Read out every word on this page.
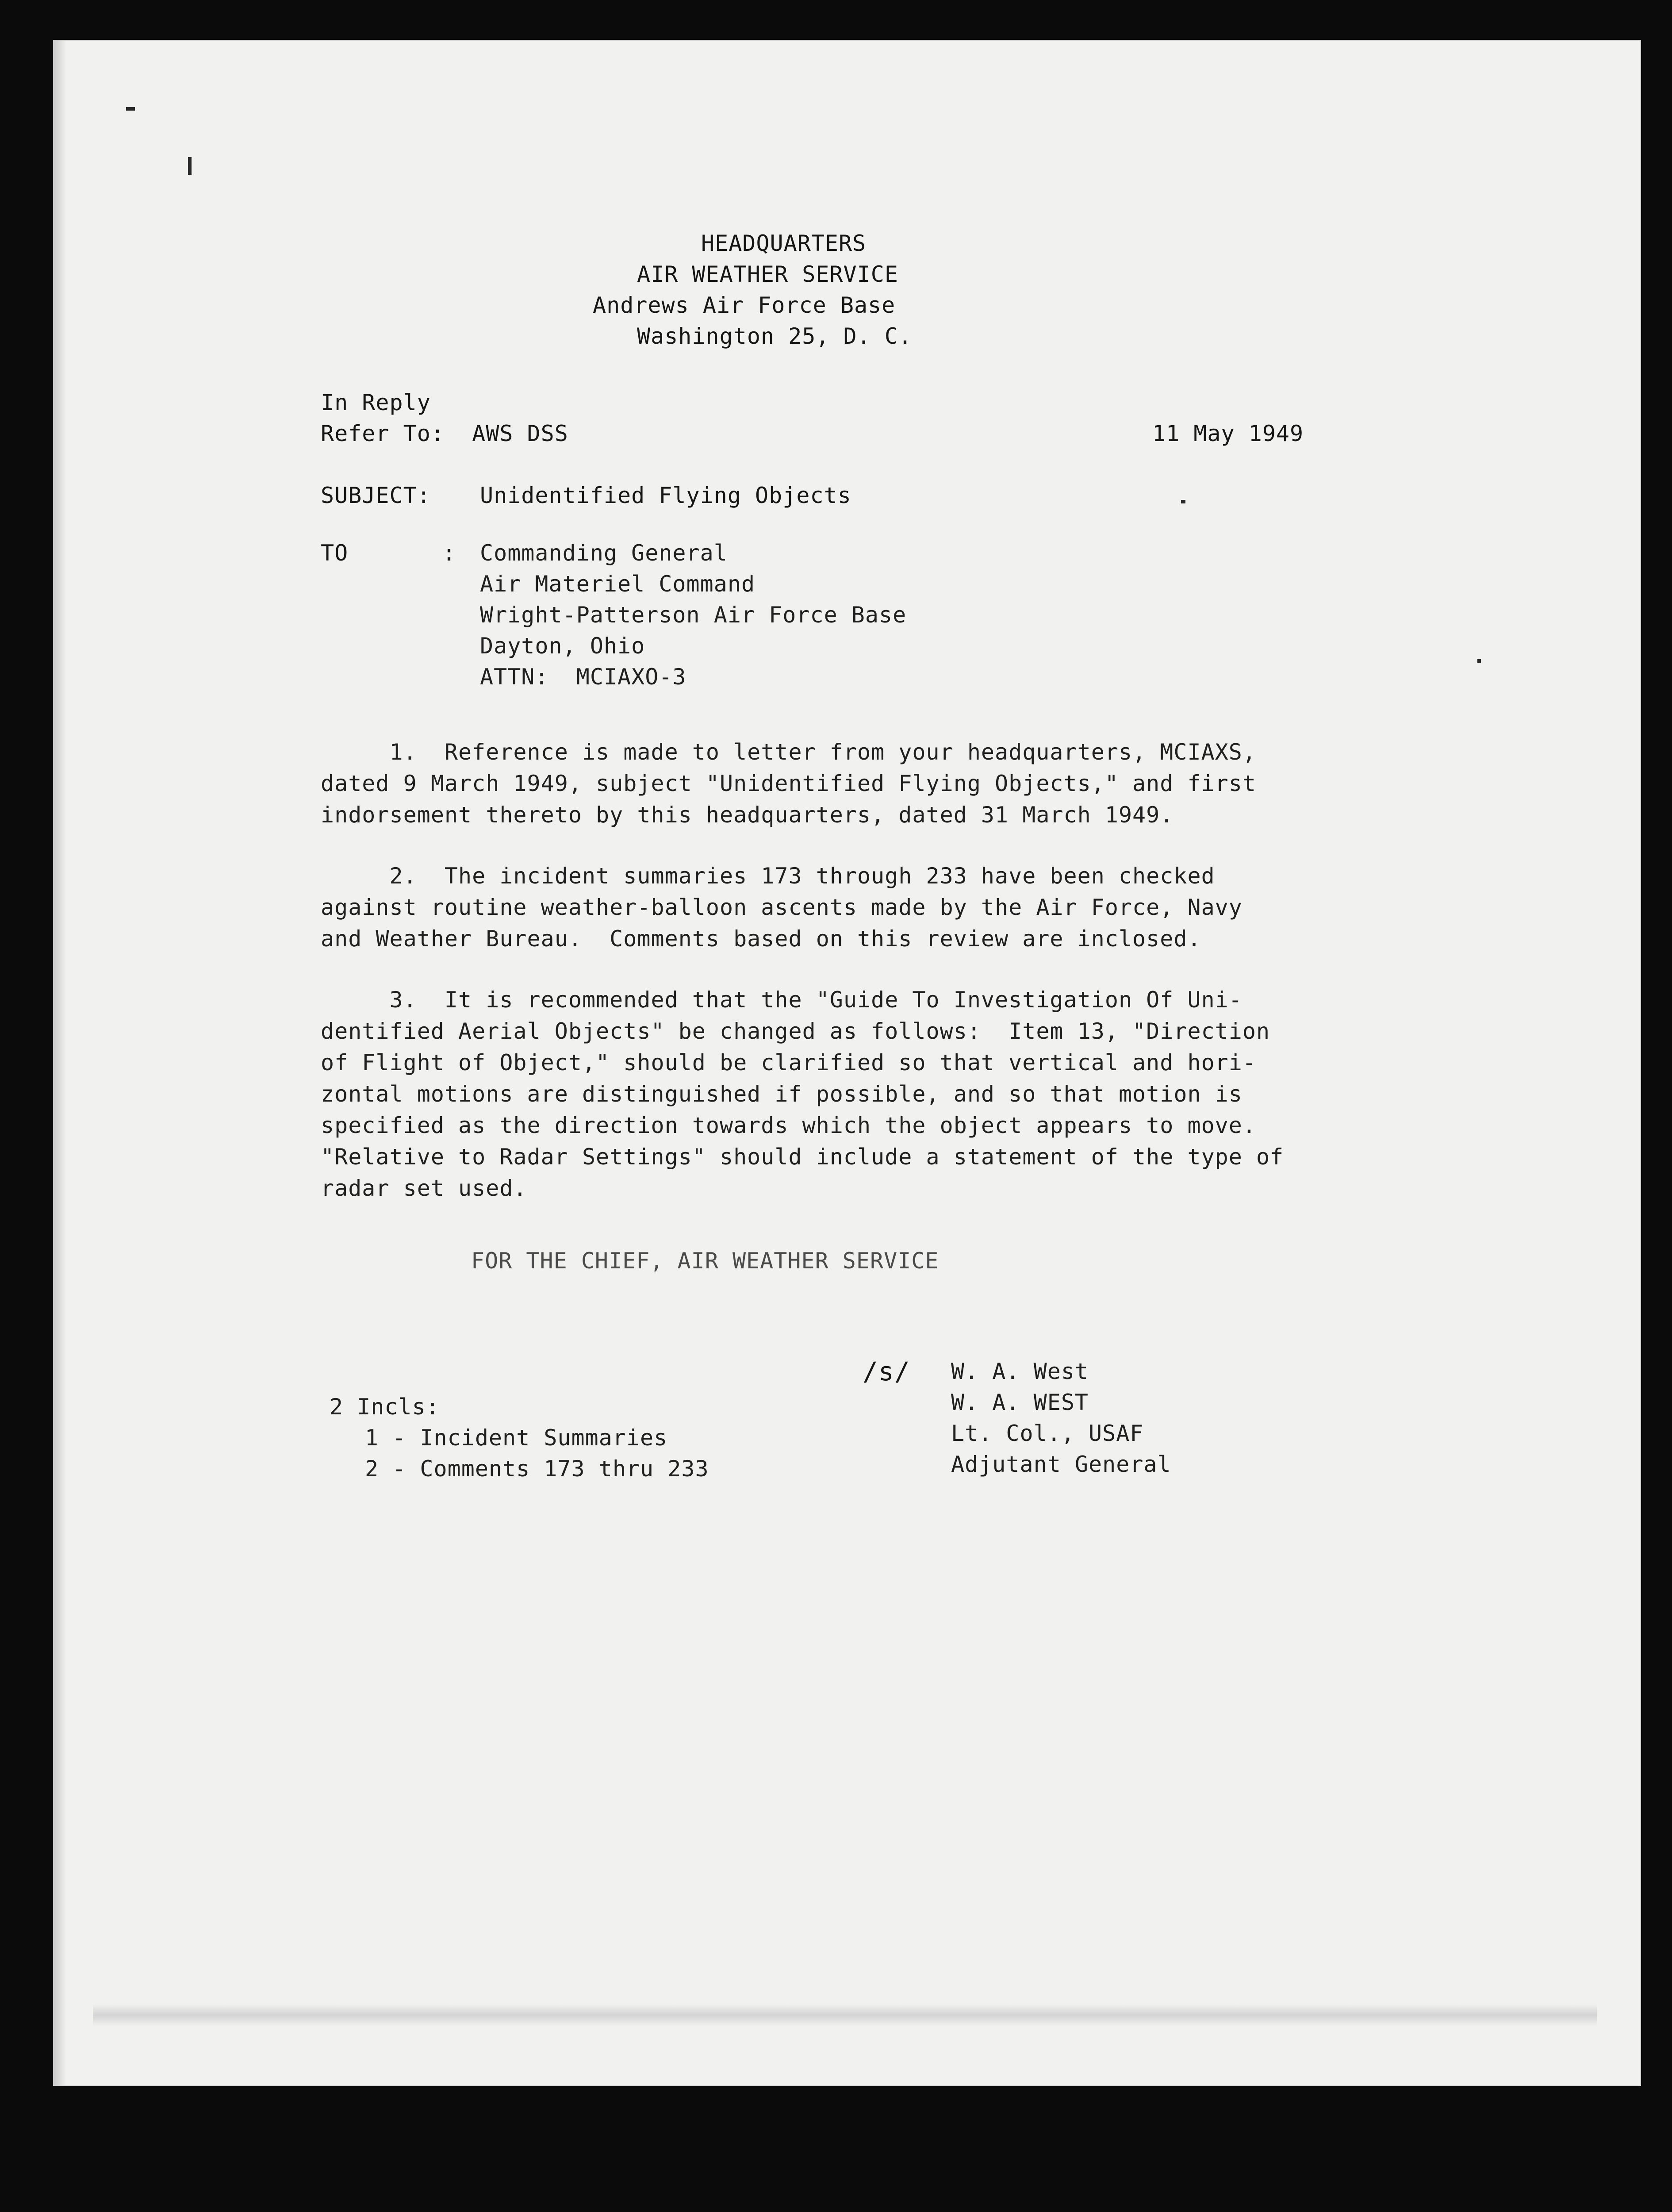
HEADQUARTERS
AIR WEATHER SERVICE
Andrews Air Force Base
Washington 25, D. C.
In Reply
Refer To:  AWS DSS	11 May 1949
SUBJECT: Unidentified Flying Objects
TO	: Commanding General
Air Materiel Command
Wright-Patterson Air Force Base
Dayton, Ohio
ATTN:  MCIAXO-3
1.  Reference is made to letter from your headquarters, MCIAXS,
dated 9 March 1949, subject "Unidentified Flying Objects," and first
indorsement thereto by this headquarters, dated 31 March 1949.
2.  The incident summaries 173 through 233 have been checked
against routine weather-balloon ascents made by the Air Force, Navy
and Weather Bureau.  Comments based on this review are inclosed.
3.  It is recommended that the "Guide To Investigation Of Uni-
dentified Aerial Objects" be changed as follows:  Item 13, "Direction
of Flight of Object," should be clarified so that vertical and hori-
zontal motions are distinguished if possible, and so that motion is
specified as the direction towards which the object appears to move.
"Relative to Radar Settings" should include a statement of the type of
radar set used.
FOR THE CHIEF, AIR WEATHER SERVICE
/s/ W. A. West
W. A. WEST
Lt. Col., USAF
Adjutant General
2 Incls:
1 - Incident Summaries
2 - Comments 173 thru 233
